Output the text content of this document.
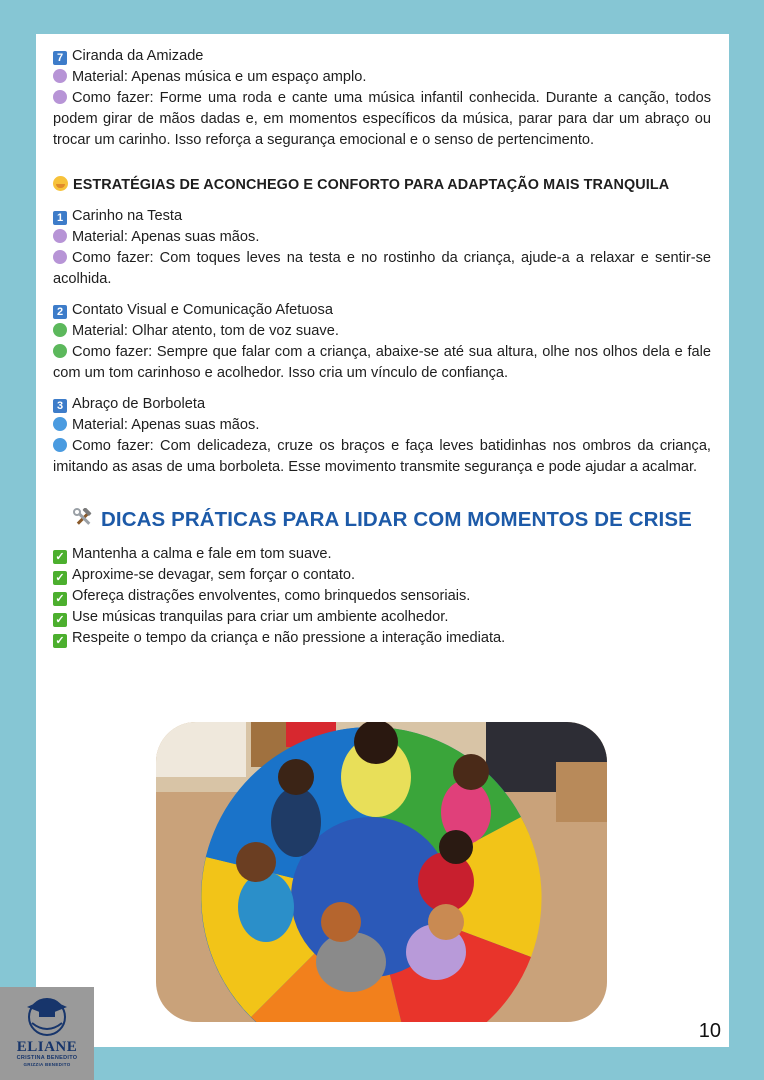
7 Ciranda da Amizade

Material: Apenas música e um espaço amplo.

Como fazer: Forme uma roda e cante uma música infantil conhecida. Durante a canção, todos podem girar de mãos dadas e, em momentos específicos da música, parar para dar um abraço ou trocar um carinho. Isso reforça a segurança emocional e o senso de pertencimento.

ESTRATÉGIAS DE ACONCHEGO E CONFORTO PARA ADAPTAÇÃO MAIS TRANQUILA

1 Carinho na Testa

Material: Apenas suas mãos.

Como fazer: Com toques leves na testa e no rostinho da criança, ajude-a a relaxar e sentir-se acolhida.

2 Contato Visual e Comunicação Afetuosa

Material: Olhar atento, tom de voz suave.

Como fazer: Sempre que falar com a criança, abaixe-se até sua altura, olhe nos olhos dela e fale com um tom carinhoso e acolhedor. Isso cria um vínculo de confiança.

3 Abraço de Borboleta

Material: Apenas suas mãos.

Como fazer: Com delicadeza, cruze os braços e faça leves batidinhas nos ombros da criança, imitando as asas de uma borboleta. Esse movimento transmite segurança e pode ajudar a acalmar.

DICAS PRÁTICAS PARA LIDAR COM MOMENTOS DE CRISE

✓ Mantenha a calma e fale em tom suave.

✓ Aproxime-se devagar, sem forçar o contato.

✓ Ofereça distrações envolventes, como brinquedos sensoriais.

✓ Use músicas tranquilas para criar um ambiente acolhedor.

✓ Respeite o tempo da criança e não pressione a interação imediata.

10
ELIANE
CRISTINA BENEDITO
GRIZZIA BENEDITO
